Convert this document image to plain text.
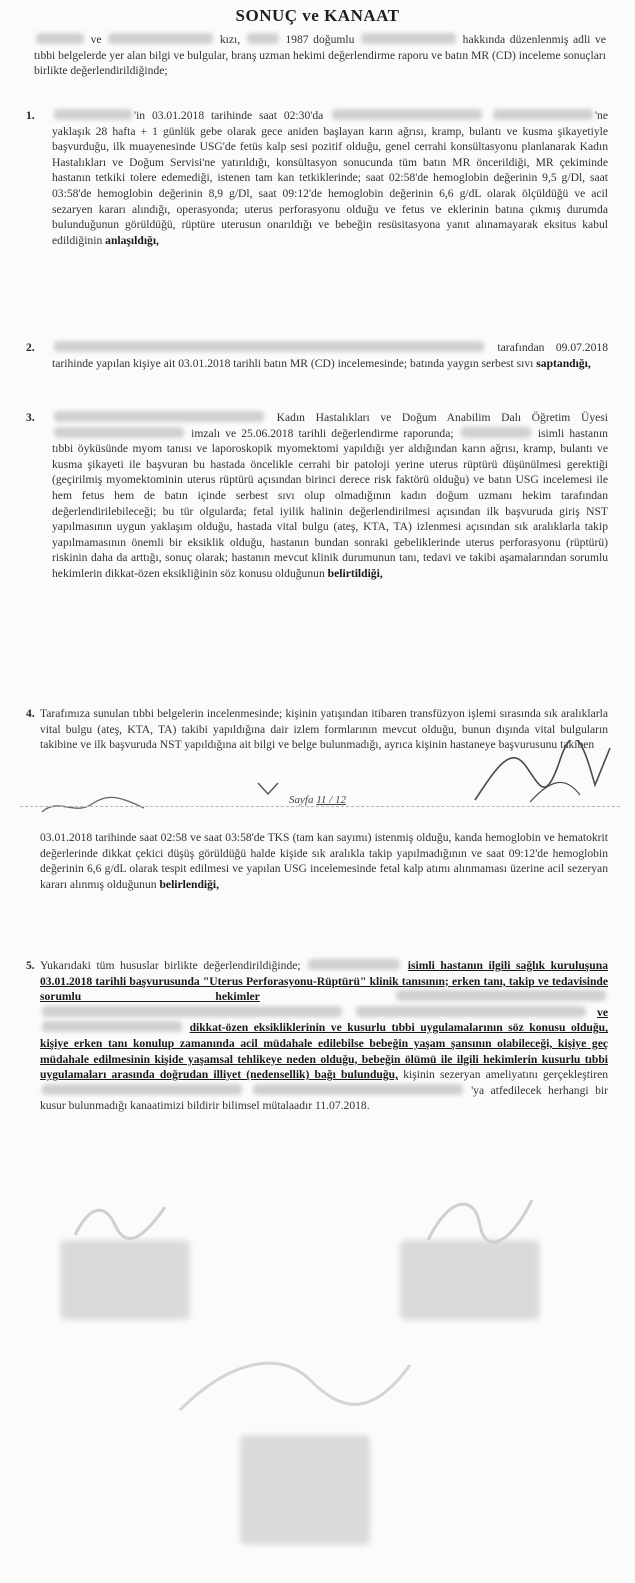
SONUÇ ve KANAAT
ve	kızı,	1987 doğumlu	hakkında düzenlenmiş adli ve tıbbi belgelerde yer alan bilgi ve bulgular, branş uzman hekimi değerlendirme raporu ve batın MR (CD) inceleme sonuçları birlikte değerlendirildiğinde;
1.	'in 03.01.2018 tarihinde saat 02:30'da	'ne yaklaşık 28 hafta + 1 günlük gebe olarak gece aniden başlayan karın ağrısı, kramp, bulantı ve kusma şikayetiyle başvurduğu, ilk muayenesinde USG'de fetüs kalp sesi pozitif olduğu, genel cerrahi konsültasyonu planlanarak Kadın Hastalıkları ve Doğum Servisi'ne yatırıldığı, konsültasyon sonucunda tüm batın MR öncerildiği, MR çekiminde hastanın tetkiki tolere edemediği, istenen tam kan tetkiklerinde; saat 02:58'de hemoglobin değerinin 9,5 g/Dl, saat 03:58'de hemoglobin değerinin 8,9 g/Dl, saat 09:12'de hemoglobin değerinin 6,6 g/dL olarak ölçüldüğü ve acil sezaryen kararı alındığı, operasyonda; uterus perforasyonu olduğu ve fetus ve eklerinin batına çıkmış durumda bulunduğunun görüldüğü, rüptüre uterusun onarıldığı ve bebeğin resüsitasyona yanıt alınamayarak eksitus kabul edildiğinin anlaşıldığı,
2.	tarafından 09.07.2018 tarihinde yapılan kişiye ait 03.01.2018 tarihli batın MR (CD) incelemesinde; batında yaygın serbest sıvı saptandığı,
3.	Kadın Hastalıkları ve Doğum Anabilim Dalı Öğretim Üyesi  imzalı ve 25.06.2018 tarihli değerlendirme raporunda;	isimli hastanın tıbbi öyküsünde myom tanısı ve laporoskopik myomektomi yapıldığı yer aldığından karın ağrısı, kramp, bulantı ve kusma şikayeti ile başvuran bu hastada öncelikle cerrahi bir patoloji yerine uterus rüptürü düşünülmesi gerektiği (geçirilmiş myomektominin uterus rüptürü açısından birinci derece risk faktörü olduğu) ve batın USG incelemesi ile hem fetus hem de batın içinde serbest sıvı olup olmadığının kadın doğum uzmanı hekim tarafından değerlendirilebileceği; bu tür olgularda; fetal iyilik halinin değerlendirilmesi açısından ilk başvuruda giriş NST yapılmasının uygun yaklaşım olduğu, hastada vital bulgu (ateş, KTA, TA) izlenmesi açısından sık aralıklarla takip yapılmamasının önemli bir eksiklik olduğu, hastanın bundan sonraki gebeliklerinde uterus perforasyonu (rüptürü) riskinin daha da arttığı, sonuç olarak; hastanın mevcut klinik durumunun tanı, tedavi ve takibi aşamalarından sorumlu hekimlerin dikkat-özen eksikliğinin söz konusu olduğunun belirtildiği,
4. Tarafımıza sunulan tıbbi belgelerin incelenmesinde; kişinin yatışından itibaren transfüzyon işlemi sırasında sık aralıklarla vital bulgu (ateş, KTA, TA) takibi yapıldığına dair izlem formlarının mevcut olduğu, bunun dışında vital bulguların takibine ve ilk başvuruda NST yapıldığına ait bilgi ve belge bulunmadığı, ayrıca kişinin hastaneye başvurusunu takiben
Sayfa 11 / 12
03.01.2018 tarihinde saat 02:58 ve saat 03:58'de TKS (tam kan sayımı) istenmiş olduğu, kanda hemoglobin ve hematokrit değerlerinde dikkat çekici düşüş görüldüğü halde kişide sık aralıkla takip yapılmadığının ve saat 09:12'de hemoglobin değerinin 6,6 g/dL olarak tespit edilmesi ve yapılan USG incelemesinde fetal kalp atımı alınmaması üzerine acil sezeryan kararı alınmış olduğunun belirlendiği,
5. Yukarıdaki tüm hususlar birlikte değerlendirildiğinde;	isimli hastanın ilgili sağlık kuruluşuna 03.01.2018 tarihli başvurusunda "Uterus Perforasyonu-Rüptürü" klinik tanısının; erken tanı, takip ve tedavisinde sorumlu hekimler    ve  dikkat-özen eksikliklerinin ve kusurlu tıbbi uygulamalarının söz konusu olduğu, kişiye erken tanı konulup zamanında acil müdahale edilebilse bebeğin yaşam şansının olabileceği, kişiye geç müdahale edilmesinin kişide yaşamsal tehlikeye neden olduğu, bebeğin ölümü ile ilgili hekimlerin kusurlu tıbbi uygulamaları arasında doğrudan illiyet (nedensellik) bağı bulunduğu, kişinin sezeryan ameliyatını gerçekleştiren   'ya atfedilecek herhangi bir kusur bulunmadığı kanaatimizi bildirir bilimsel mütalaadır 11.07.2018.
